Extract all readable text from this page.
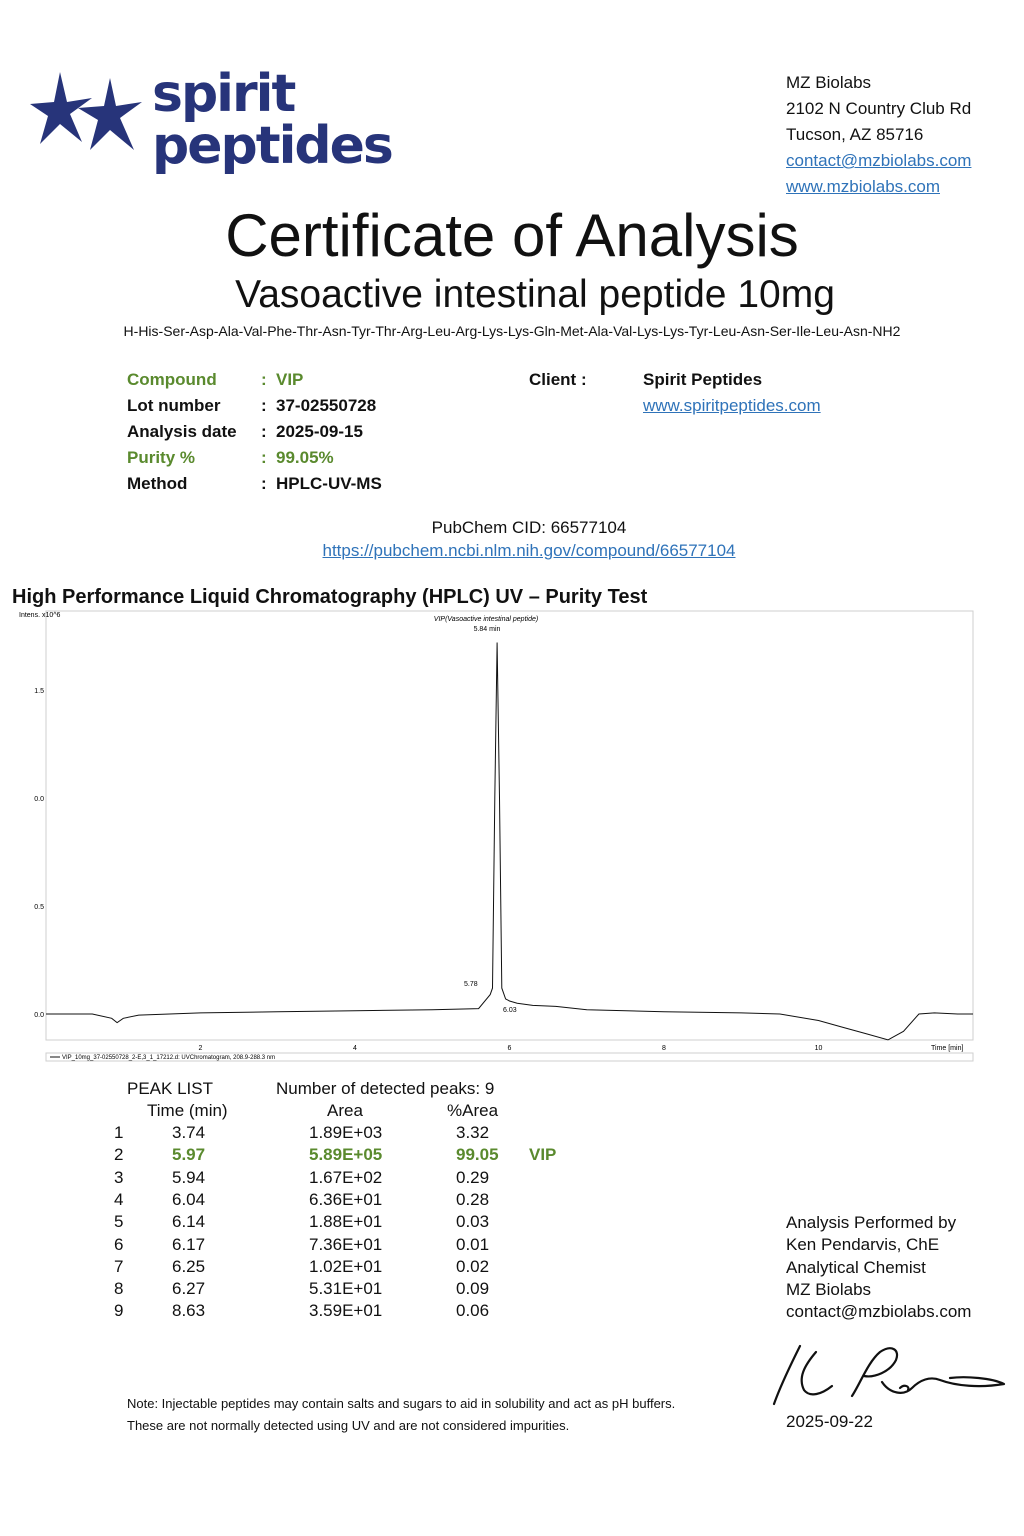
spirit
peptides
MZ Biolabs
2102 N Country Club Rd
Tucson, AZ 85716
contact@mzbiolabs.com
www.mzbiolabs.com
Certificate of Analysis
Vasoactive intestinal peptide 10mg
H-His-Ser-Asp-Ala-Val-Phe-Thr-Asn-Tyr-Thr-Arg-Leu-Arg-Lys-Lys-Gln-Met-Ala-Val-Lys-Lys-Tyr-Leu-Asn-Ser-Ile-Leu-Asn-NH2
Compound	: VIP
Lot number : 37-02550728
Analysis date : 2025-09-15
Purity %	: 99.05%
Method	: HPLC-UV-MS
Client :	Spirit Peptides
www.spiritpeptides.com
PubChem CID: 66577104
https://pubchem.ncbi.nlm.nih.gov/compound/66577104
High Performance Liquid Chromatography (HPLC) UV – Purity Test
Intens. x10^6
Time [min]
VIP(Vasoactive intestinal peptide)
5.84 min
5.78
6.03
0.0
0.5
0.0
1.5
2	4	6	8	10
VIP_10mg_37-02550728_2-E,3_1_17212.d: UVChromatogram, 208.9-288.3 nm
PEAK LIST	Number of detected peaks: 9
Time (min)	Area	%Area
1	3.74	1.89E+03	3.32
2	5.97	5.89E+05	99.05 VIP
3	5.94	1.67E+02	0.29
4	6.04	6.36E+01	0.28
5	6.14	1.88E+01	0.03
6	6.17	7.36E+01	0.01
7	6.25	1.02E+01	0.02
8	6.27	5.31E+01	0.09
9	8.63	3.59E+01	0.06
Analysis Performed by
Ken Pendarvis, ChE
Analytical Chemist
MZ Biolabs
contact@mzbiolabs.com
2025-09-22
Note: Injectable peptides may contain salts and sugars to aid in solubility and act as pH buffers.
These are not normally detected using UV and are not considered impurities.
